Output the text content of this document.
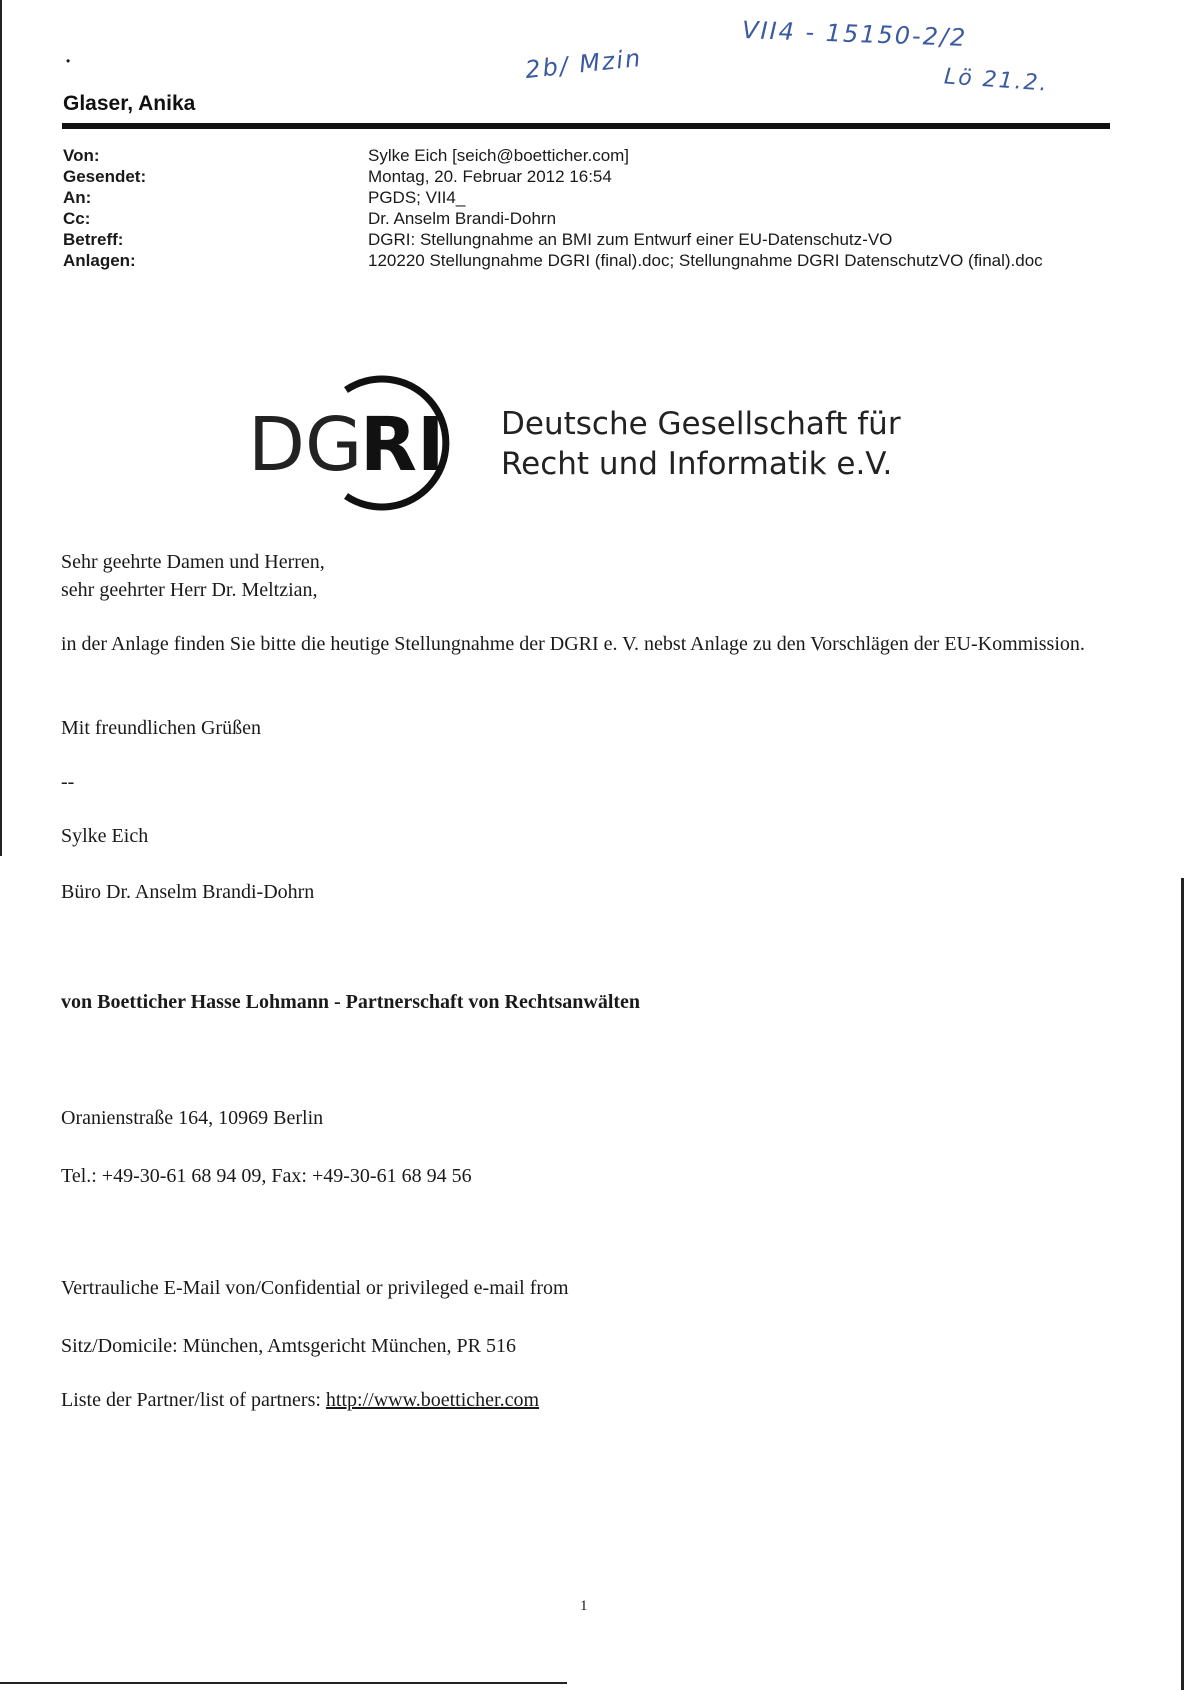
2b/ Mzin
VII4 - 15150-2/2
Lö 21.2.
•
Glaser, Anika
Von:	Sylke Eich [seich@boetticher.com]
Gesendet:	Montag, 20. Februar 2012 16:54
An:	PGDS; VII4_
Cc:	Dr. Anselm Brandi-Dohrn
Betreff:	DGRI: Stellungnahme an BMI zum Entwurf einer EU-Datenschutz-VO
Anlagen:	120220 Stellungnahme DGRI (final).doc; Stellungnahme DGRI DatenschutzVO (final).doc
DG
RI Deutsche Gesellschaft für
Recht und Informatik e.V.

Sehr geehrte Damen und Herren,

sehr geehrter Herr Dr. Meltzian,

in der Anlage finden Sie bitte die heutige Stellungnahme der DGRI e. V. nebst Anlage zu den Vorschlägen der EU-Kommission.

Mit freundlichen Grüßen

--

Sylke Eich

Büro Dr. Anselm Brandi-Dohrn

von Boetticher Hasse Lohmann - Partnerschaft von Rechtsanwälten

Oranienstraße 164, 10969 Berlin

Tel.: +49-30-61 68 94 09, Fax: +49-30-61 68 94 56

Vertrauliche E-Mail von/Confidential or privileged e-mail from

Sitz/Domicile: München, Amtsgericht München, PR 516

Liste der Partner/list of partners: http://www.boetticher.com

1
